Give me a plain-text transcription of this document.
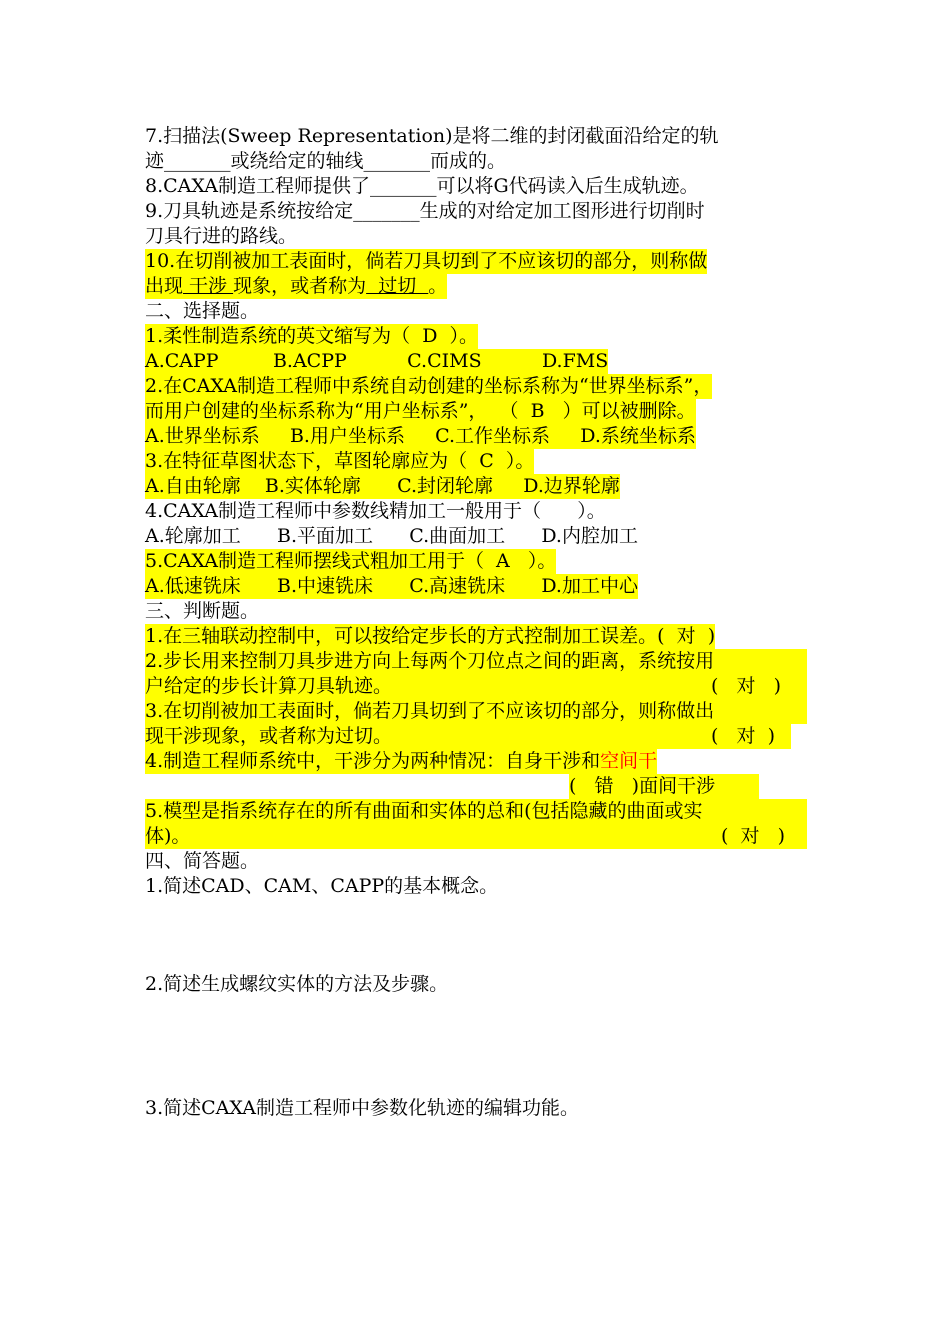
7.扫描法(Sweep Representation)是将二维的封闭截面沿给定的轨
迹_______或绕给定的轴线_______而成的。
8.CAXA制造工程师提供了_______可以将G代码读入后生成轨迹。
9.刀具轨迹是系统按给定_______生成的对给定加工图形进行切削时
刀具行进的路线。
10.在切削被加工表面时，倘若刀具切到了不应该切的部分，则称做
出现 干涉 现象，或者称为  过切  。
二、选择题。
1.柔性制造系统的英文缩写为（  D  ）。
A.CAPP         B.ACPP          C.CIMS          D.FMS
2.在CAXA制造工程师中系统自动创建的坐标系称为“世界坐标系”，
而用户创建的坐标系称为“用户坐标系”，  （  B   ）可以被删除。
A.世界坐标系     B.用户坐标系     C.工作坐标系     D.系统坐标系
3.在特征草图状态下，草图轮廓应为（  C  ）。
A.自由轮廓    B.实体轮廓      C.封闭轮廓     D.边界轮廓
4.CAXA制造工程师中参数线精加工一般用于（      ）。
A.轮廓加工      B.平面加工      C.曲面加工      D.内腔加工
5.CAXA制造工程师摆线式粗加工用于（  A   ）。
A.低速铣床      B.中速铣床      C.高速铣床      D.加工中心
三、判断题。
1.在三轴联动控制中，可以按给定步长的方式控制加工误差。(  对  )
2.步长用来控制刀具步进方向上每两个刀位点之间的距离，系统按用
户给定的步长计算刀具轨迹。	(   对   )
3.在切削被加工表面时，倘若刀具切到了不应该切的部分，则称做出
现干涉现象，或者称为过切。	(   对  )
4.制造工程师系统中，干涉分为两种情况：自身干涉和空间干
(   错   )面间干涉
5.模型是指系统存在的所有曲面和实体的总和(包括隐藏的曲面或实
体)。	(  对   )
四、简答题。
1.简述CAD、CAM、CAPP的基本概念。
2.简述生成螺纹实体的方法及步骤。
3.简述CAXA制造工程师中参数化轨迹的编辑功能。
